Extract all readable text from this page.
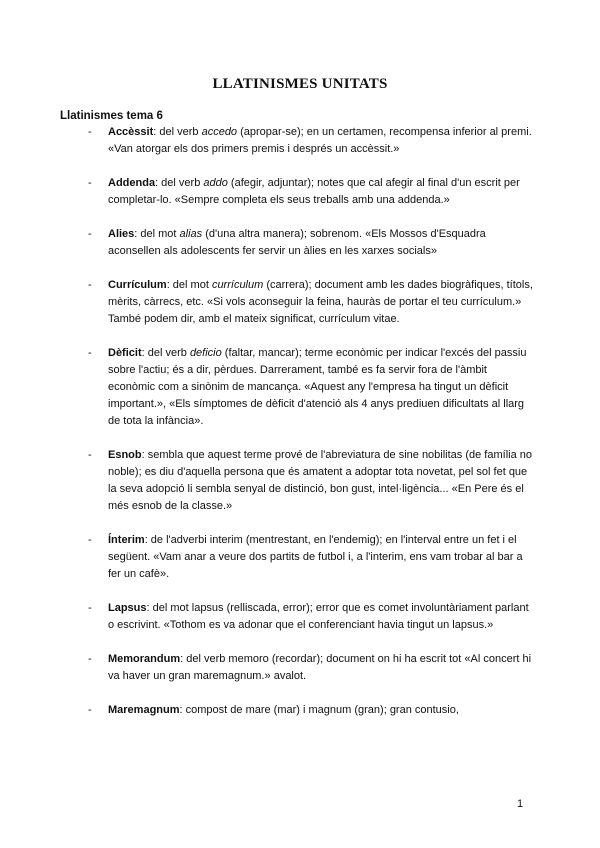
LLATINISMES UNITATS
Llatinismes tema 6
- Accèssit: del verb accedo (apropar-se); en un certamen, recompensa inferior al premi. «Van atorgar els dos primers premis i després un accèssit.»
- Addenda: del verb addo (afegir, adjuntar); notes que cal afegir al final d'un escrit per completar-lo. «Sempre completa els seus treballs amb una addenda.»
- Alies: del mot alias (d'una altra manera); sobrenom. «Els Mossos d'Esquadra aconsellen als adolescents fer servir un àlies en les xarxes socials»
- Currículum: del mot currículum (carrera); document amb les dades biogràfiques, títols, mèrits, càrrecs, etc. «Si vols aconseguir la feina, hauràs de portar el teu currículum.» També podem dir, amb el mateix significat, currículum vitae.
- Dèficit: del verb deficio (faltar, mancar); terme econòmic per indicar l'excés del passiu sobre l'actiu; és a dir, pèrdues. Darrerament, també es fa servir fora de l'àmbit econòmic com a sinònim de mancança. «Aquest any l'empresa ha tingut un dèficit important.», «Els símptomes de dèficit d'atenció als 4 anys prediuen dificultats al llarg de tota la infància».
- Esnob: sembla que aquest terme prové de l'abreviatura de sine nobilitas (de família no noble); es diu d'aquella persona que és amatent a adoptar tota novetat, pel sol fet que la seva adopció li sembla senyal de distinció, bon gust, intel·ligència... «En Pere és el més esnob de la classe.»
- Ínterim: de l'adverbi interim (mentrestant, en l'endemig); en l'interval entre un fet i el següent. «Vam anar a veure dos partits de futbol i, a l'interim, ens vam trobar al bar a fer un cafè».
- Lapsus: del mot lapsus (relliscada, error); error que es comet involuntàriament parlant o escrivint. «Tothom es va adonar que el conferenciant havia tingut un lapsus.»
- Memorandum: del verb memoro (recordar); document on hi ha escrit tot «Al concert hi va haver un gran maremagnum.» avalot.
- Maremagnum: compost de mare (mar) i magnum (gran); gran contusio,
1
